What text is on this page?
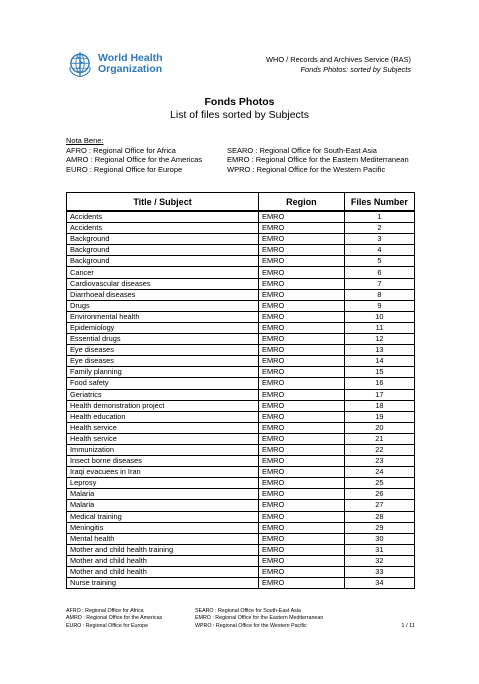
World Health
Organization
WHO / Records and Archives Service (RAS)
Fonds Photos: sorted by Subjects
Fonds Photos
List of files sorted by Subjects
Nota Bene:
AFRO : Regional Office for Africa	SEARO : Regional Office for South-East Asia
AMRO : Regional Office for the Americas	EMRO : Regional Office for the Eastern Mediterranean
EURO : Regional Office for Europe	WPRO : Regional Office for the Western Pacific
Title / Subject	Region	Files Number
Accidents	EMRO	1
Accidents	EMRO	2
Background	EMRO	3
Background	EMRO	4
Background	EMRO	5
Cancer	EMRO	6
Cardiovascular diseases	EMRO	7
Diarrhoeal diseases	EMRO	8
Drugs	EMRO	9
Environmental health	EMRO	10
Epidemiology	EMRO	11
Essential drugs	EMRO	12
Eye diseases	EMRO	13
Eye diseases	EMRO	14
Family planning	EMRO	15
Food safety	EMRO	16
Geriatrics	EMRO	17
Health demonstration project	EMRO	18
Health education	EMRO	19
Health service	EMRO	20
Health service	EMRO	21
Immunization	EMRO	22
Insect borne diseases	EMRO	23
Iraqi evacuees in Iran	EMRO	24
Leprosy	EMRO	25
Malaria	EMRO	26
Malaria	EMRO	27
Medical training	EMRO	28
Meningitis	EMRO	29
Mental health	EMRO	30
Mother and child health training	EMRO	31
Mother and child health	EMRO	32
Mother and child health	EMRO	33
Nurse training	EMRO	34
AFRO : Regional Office for Africa	SEARO : Regional Office for South-East Asia
AMRO : Regional Office for the Americas	EMRO : Regional Office for the Eastern Mediterranean
EURO : Regional Office for Europe	WPRO : Regional Office for the Western Pacific	1 / 11
